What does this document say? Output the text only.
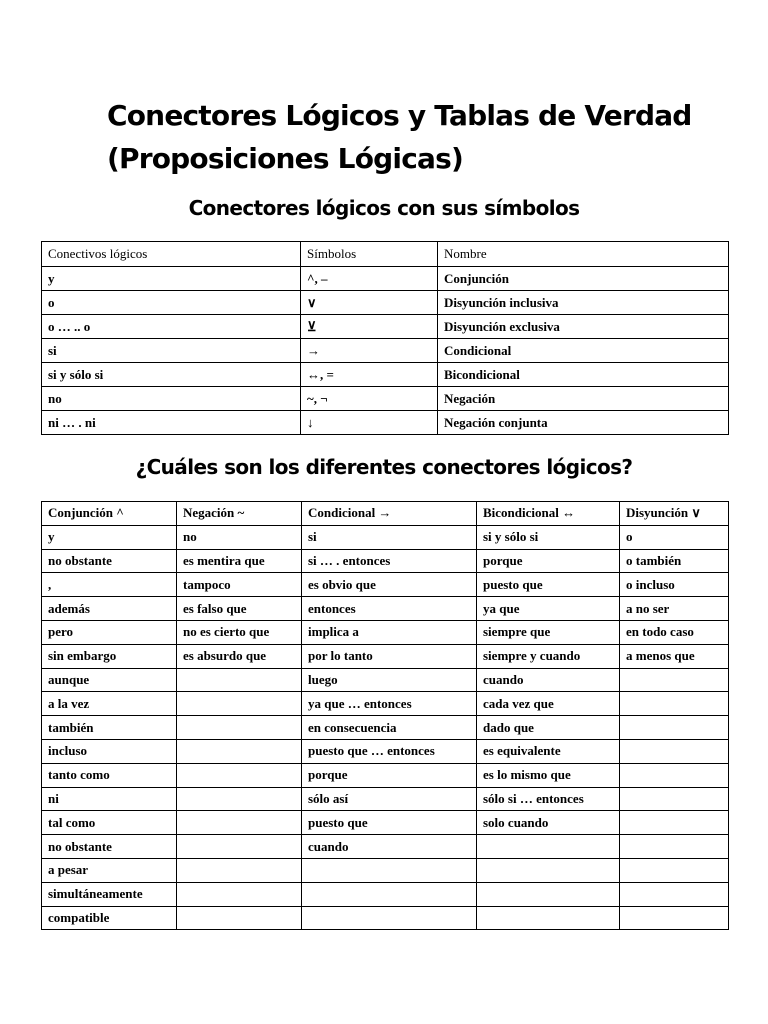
Conectores Lógicos y Tablas de Verdad
(Proposiciones Lógicas)
Conectores lógicos con sus símbolos
Conectivos lógicos	Símbolos	Nombre
y	^, –	Conjunción
o	∨	Disyunción inclusiva
o … .. o	⊻	Disyunción exclusiva
si	→	Condicional
si y sólo si	↔, =	Bicondicional
no	~, ¬	Negación
ni … . ni	↓	Negación conjunta
¿Cuáles son los diferentes conectores lógicos?
Conjunción ^	Negación ~	Condicional →	Bicondicional ↔	Disyunción ∨
y	no	si	si y sólo si	o
no obstante	es mentira que	si … . entonces	porque	o también
,	tampoco	es obvio que	puesto que	o incluso
además	es falso que	entonces	ya que	a no ser
pero	no es cierto que	implica a	siempre que	en todo caso
sin embargo	es absurdo que	por lo tanto	siempre y cuando	a menos que
aunque		luego	cuando	
a la vez		ya que … entonces	cada vez que	
también		en consecuencia	dado que	
incluso		puesto que … entonces	es equivalente	
tanto como		porque	es lo mismo que	
ni		sólo así	sólo si … entonces	
tal como		puesto que	solo cuando	
no obstante		cuando		
a pesar				
simultáneamente				
compatible				
